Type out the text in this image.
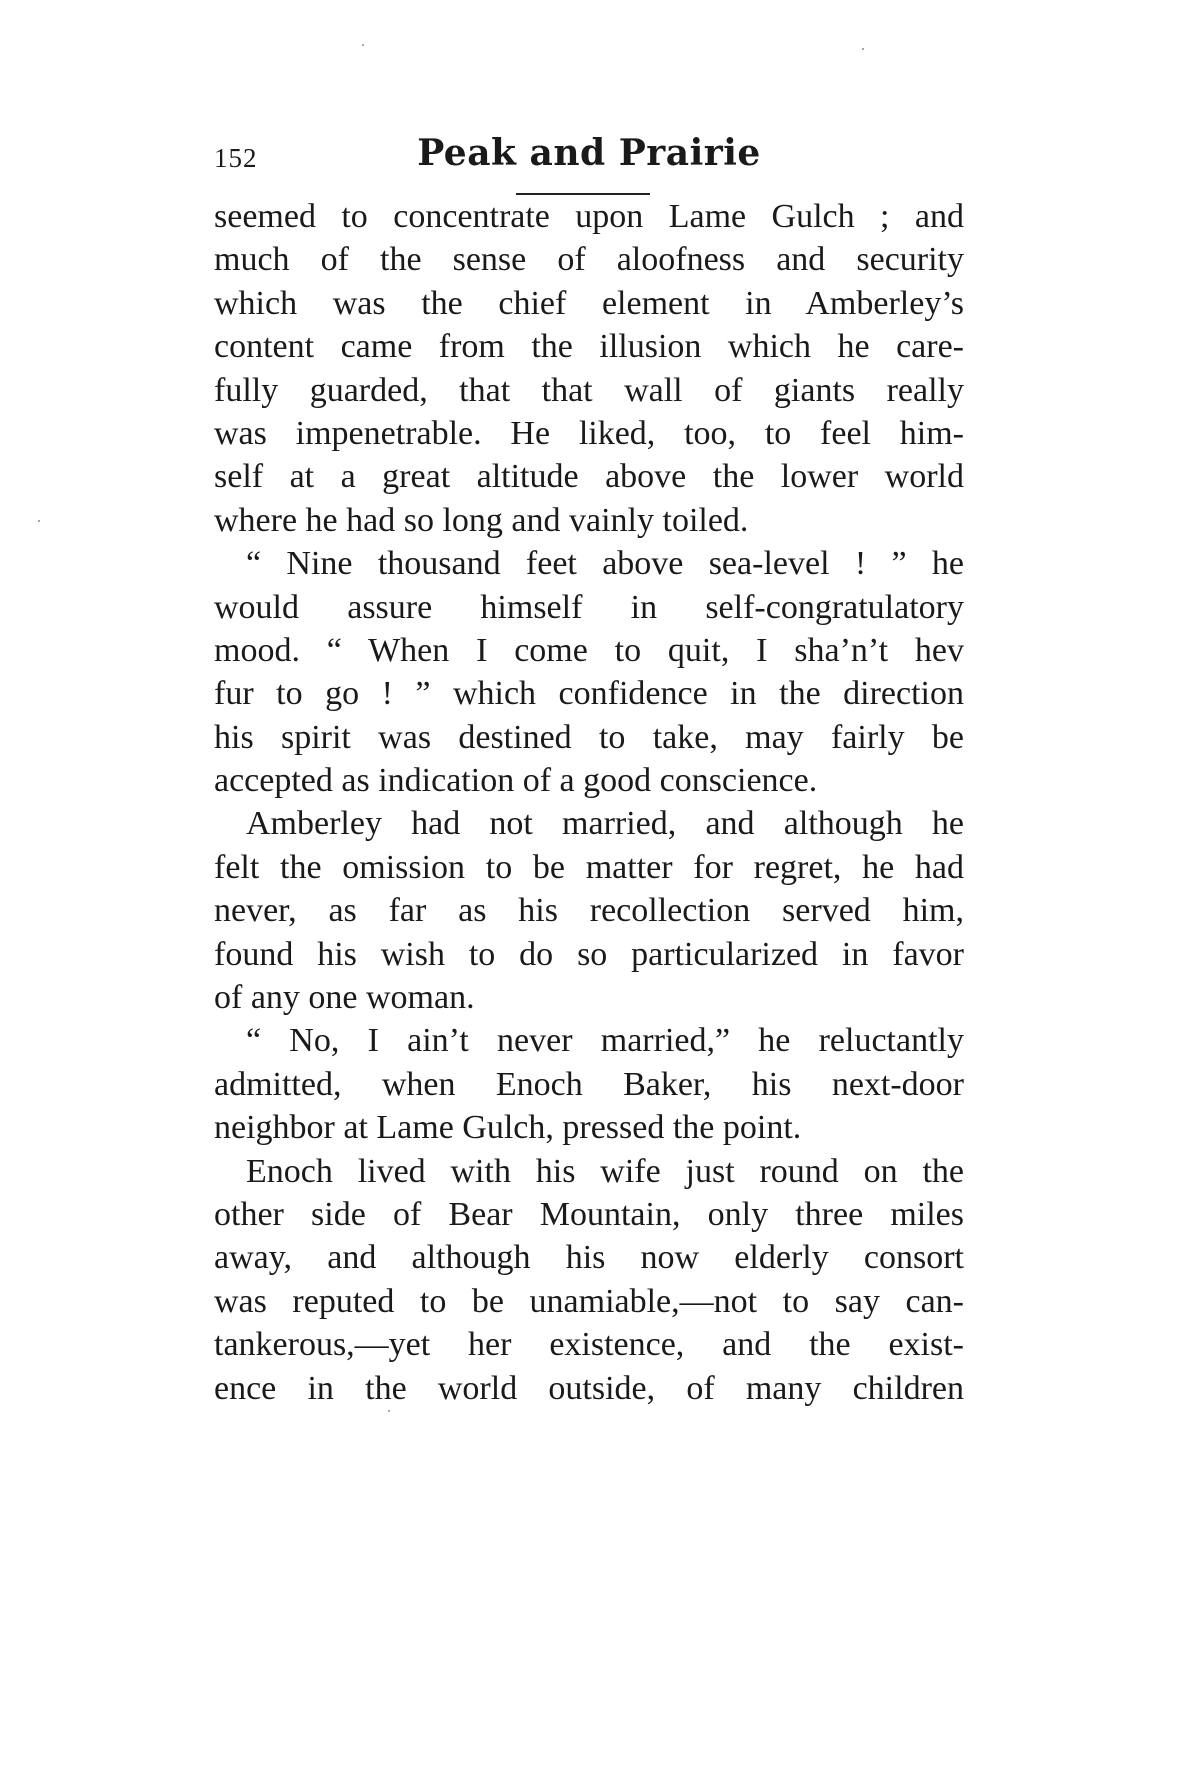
152	Peak and Prairie
seemed to concentrate upon Lame Gulch ; and
much of the sense of aloofness and security
which was the chief element in Amberley’s
content came from the illusion which he care-
fully guarded, that that wall of giants really
was impenetrable. He liked, too, to feel him-
self at a great altitude above the lower world
where he had so long and vainly toiled.
“ Nine thousand feet above sea-level ! ” he
would assure himself in self-congratulatory
mood. “ When I come to quit, I sha’n’t hev
fur to go ! ” which confidence in the direction
his spirit was destined to take, may fairly be
accepted as indication of a good conscience.
Amberley had not married, and although he
felt the omission to be matter for regret, he had
never, as far as his recollection served him,
found his wish to do so particularized in favor
of any one woman.
“ No, I ain’t never married,” he reluctantly
admitted, when Enoch Baker, his next-door
neighbor at Lame Gulch, pressed the point.
Enoch lived with his wife just round on the
other side of Bear Mountain, only three miles
away, and although his now elderly consort
was reputed to be unamiable,—not to say can-
tankerous,—yet her existence, and the exist-
ence in the world outside, of many children
